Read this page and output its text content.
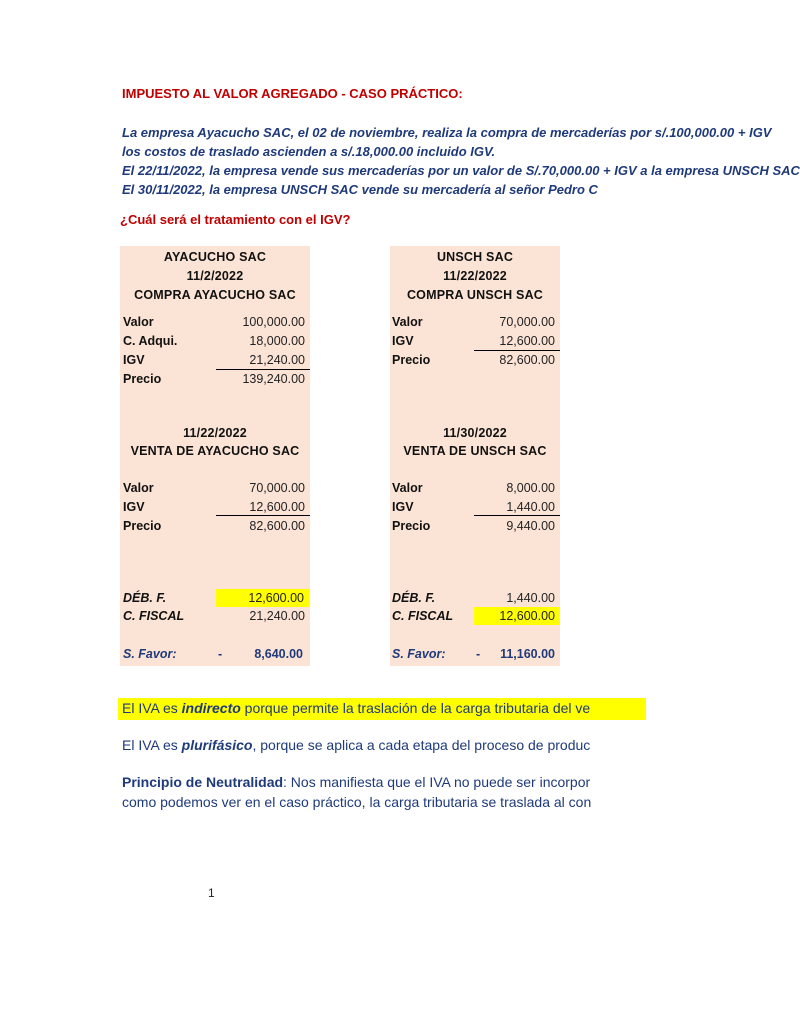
IMPUESTO AL VALOR AGREGADO - CASO PRÁCTICO:
La empresa Ayacucho SAC, el 02 de noviembre, realiza la compra de mercaderías por s/.100,000.00 + IGV
los costos de traslado ascienden a s/.18,000.00 incluido IGV.
El 22/11/2022, la empresa vende sus mercaderías por un valor de S/.70,000.00 + IGV a la empresa UNSCH SAC
El 30/11/2022, la empresa UNSCH SAC vende su mercadería al señor Pedro C
¿Cuál será el tratamiento con el IGV?
AYACUCHO SAC
11/2/2022
COMPRA AYACUCHO SAC
Valor	100,000.00
C. Adqui.	18,000.00
IGV	21,240.00
Precio	139,240.00
11/22/2022
VENTA DE AYACUCHO SAC
Valor	70,000.00
IGV	12,600.00
Precio	82,600.00
DÉB. F.	12,600.00
C. FISCAL	21,240.00
S. Favor:	-	8,640.00
UNSCH SAC
11/22/2022
COMPRA UNSCH SAC
Valor	70,000.00
IGV	12,600.00
Precio	82,600.00
11/30/2022
VENTA DE UNSCH SAC
Valor	8,000.00
IGV	1,440.00
Precio	9,440.00
DÉB. F.	1,440.00
C. FISCAL	12,600.00
S. Favor: -	11,160.00
El IVA es indirecto porque permite la traslación de la carga tributaria del ve
El IVA es plurifásico, porque se aplica a cada etapa del proceso de produc
Principio de Neutralidad: Nos manifiesta que el IVA no puede ser incorpor
como podemos ver en el caso práctico, la carga tributaria se traslada al con
1
